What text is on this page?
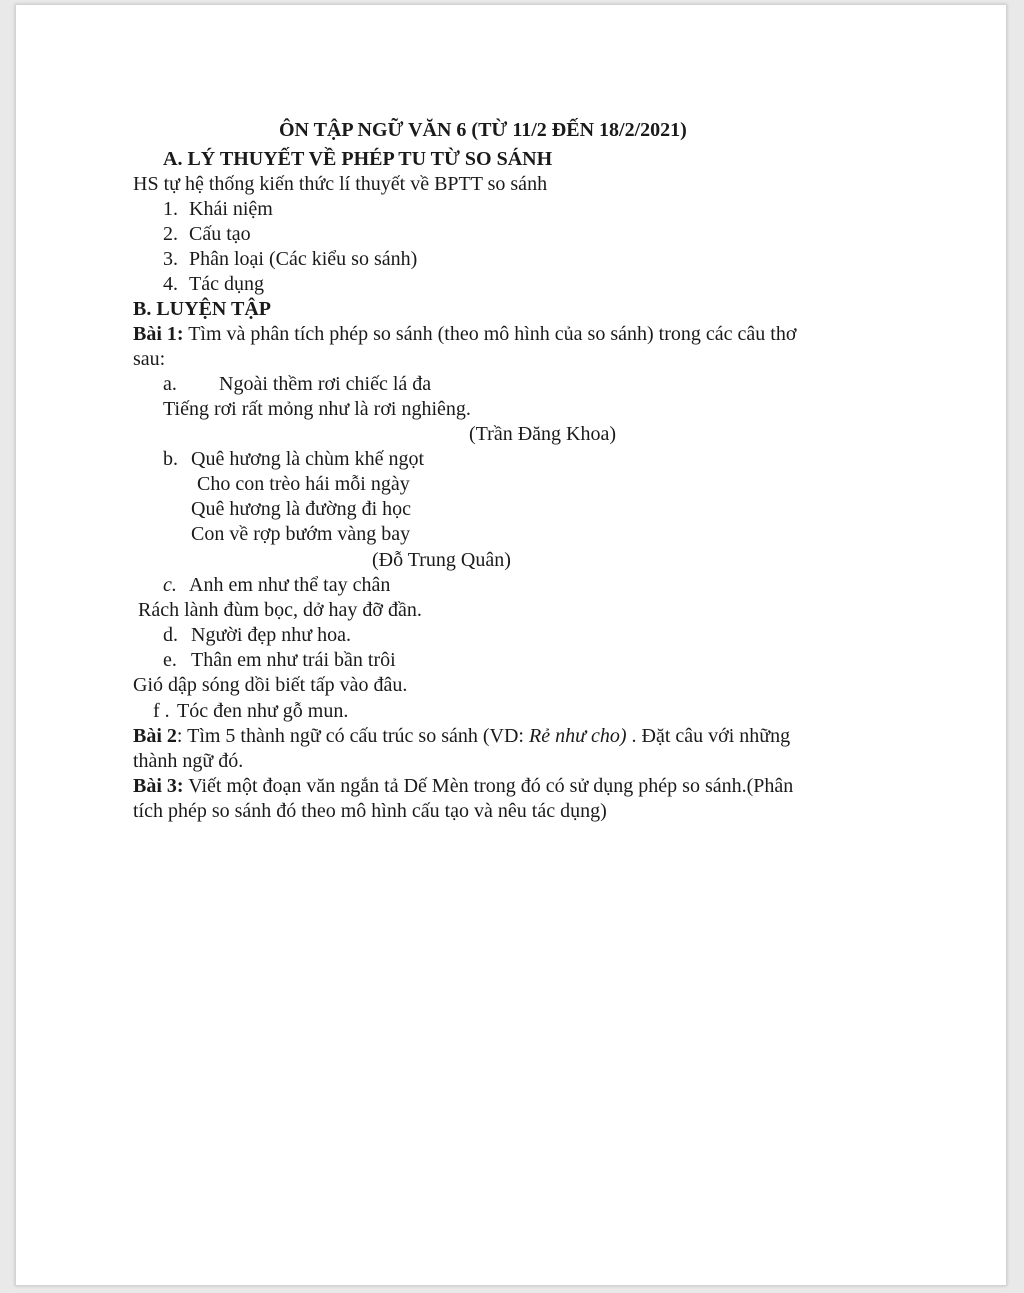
ÔN TẬP NGỮ VĂN 6 (TỪ 11/2 ĐẾN 18/2/2021)
A. LÝ THUYẾT VỀ PHÉP TU TỪ SO SÁNH
HS tự hệ thống kiến thức lí thuyết về BPTT so sánh
1. Khái niệm
2. Cấu tạo
3. Phân loại (Các kiểu so sánh)
4. Tác dụng
B. LUYỆN TẬP
Bài 1: Tìm và phân tích phép so sánh (theo mô hình của so sánh) trong các câu thơ
sau:
a. Ngoài thềm rơi chiếc lá đa
Tiếng rơi rất mỏng như là rơi nghiêng.
(Trần Đăng Khoa)
b. Quê hương là chùm khế ngọt
Cho con trèo hái mỗi ngày
Quê hương là đường đi học
Con về rợp bướm vàng bay
(Đỗ Trung Quân)
c. Anh em như thể tay chân
Rách lành đùm bọc, dở hay đỡ đần.
d. Người đẹp như hoa.
e. Thân em như trái bần trôi
Gió dập sóng dồi biết tấp vào đâu.
f . Tóc đen như gỗ mun.
Bài 2: Tìm 5 thành ngữ có cấu trúc so sánh (VD: Rẻ như cho) . Đặt câu với những
thành ngữ đó.
Bài 3: Viết một đoạn văn ngắn tả Dế Mèn trong đó có sử dụng phép so sánh.(Phân
tích phép so sánh đó theo mô hình cấu tạo và nêu tác dụng)
